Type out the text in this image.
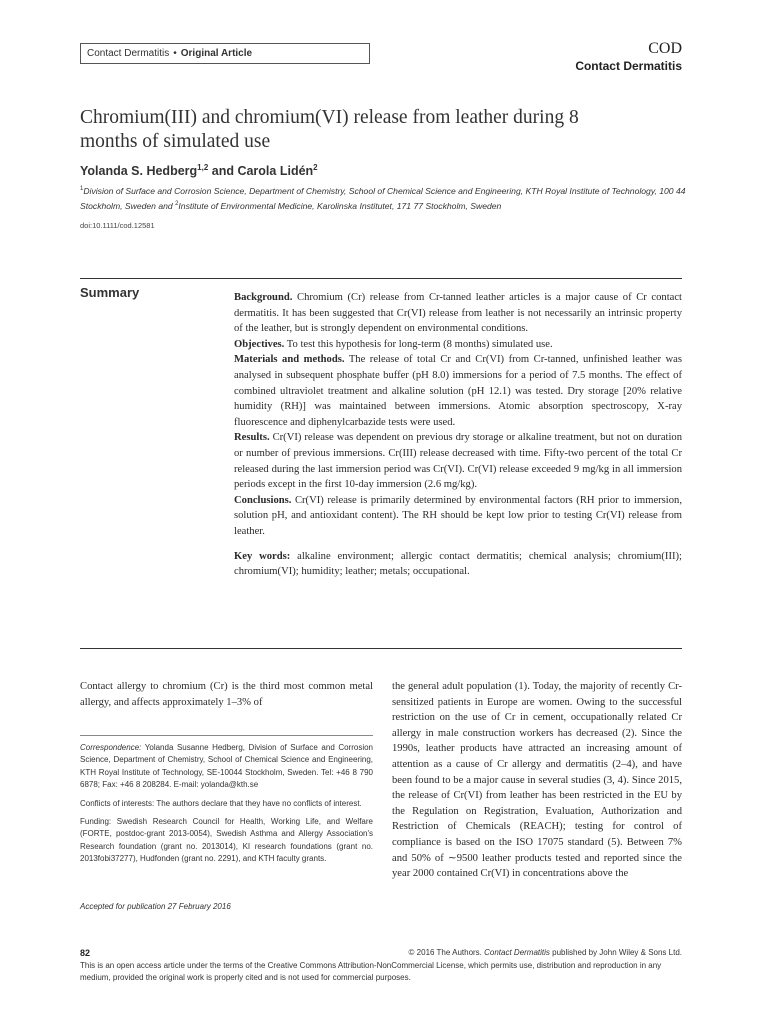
Contact Dermatitis • Original Article	COD
Contact Dermatitis
Chromium(III) and chromium(VI) release from leather during 8 months of simulated use
Yolanda S. Hedberg$^{1,2}$ and Carola Lidén$^2$
$^1$Division of Surface and Corrosion Science, Department of Chemistry, School of Chemical Science and Engineering, KTH Royal Institute of Technology, 100 44 Stockholm, Sweden and $^2$Institute of Environmental Medicine, Karolinska Institutet, 171 77 Stockholm, Sweden
doi:10.1111/cod.12581
Summary	Background. Chromium (Cr) release from Cr-tanned leather articles is a major cause of Cr contact dermatitis. It has been suggested that Cr(VI) release from leather is not necessarily an intrinsic property of the leather, but is strongly dependent on environmental conditions.

Objectives. To test this hypothesis for long-term (8 months) simulated use.

Materials and methods. The release of total Cr and Cr(VI) from Cr-tanned, unfinished leather was analysed in subsequent phosphate buffer (pH 8.0) immersions for a period of 7.5 months. The effect of combined ultraviolet treatment and alkaline solution (pH 12.1) was tested. Dry storage [20% relative humidity (RH)] was maintained between immersions. Atomic absorption spectroscopy, X-ray fluorescence and diphenylcarbazide tests were used.

Results. Cr(VI) release was dependent on previous dry storage or alkaline treatment, but not on duration or number of previous immersions. Cr(III) release decreased with time. Fifty-two percent of the total Cr released during the last immersion period was Cr(VI). Cr(VI) release exceeded 9 mg/kg in all immersion periods except in the first 10-day immersion (2.6 mg/kg).

Conclusions. Cr(VI) release is primarily determined by environmental factors (RH prior to immersion, solution pH, and antioxidant content). The RH should be kept low prior to testing Cr(VI) release from leather.

Key words: alkaline environment; allergic contact dermatitis; chemical analysis; chromium(III); chromium(VI); humidity; leather; metals; occupational.

Contact allergy to chromium (Cr) is the third most common metal allergy, and affects approximately 1–3% of

Correspondence: Yolanda Susanne Hedberg, Division of Surface and Corrosion Science, Department of Chemistry, School of Chemical Science and Engineering, KTH Royal Institute of Technology, SE-10044 Stockholm, Sweden. Tel: +46 8 790 6878; Fax: +46 8 208284. E-mail: yolanda@kth.se

Conflicts of interests: The authors declare that they have no conflicts of interest.

Funding: Swedish Research Council for Health, Working Life, and Welfare (FORTE, postdoc-grant 2013-0054), Swedish Asthma and Allergy Association's Research foundation (grant no. 2013014), KI research foundations (grant no. 2013fobi37277), Hudfonden (grant no. 2291), and KTH faculty grants.

Accepted for publication 27 February 2016

the general adult population (1). Today, the majority of recently Cr-sensitized patients in Europe are women. Owing to the successful restriction on the use of Cr in cement, occupationally related Cr allergy in male construction workers has decreased (2). Since the 1990s, leather products have attracted an increasing amount of attention as a cause of Cr allergy and dermatitis (2–4), and have been found to be a major cause in several studies (3, 4). Since 2015, the release of Cr(VI) from leather has been restricted in the EU by the Regulation on Registration, Evaluation, Authorization and Restriction of Chemicals (REACH); testing for control of compliance is based on the ISO 17075 standard (5). Between 7% and 50% of ∼9500 leather products tested and reported since the year 2000 contained Cr(VI) in concentrations above the

82	© 2016 The Authors. Contact Dermatitis published by John Wiley & Sons Ltd.
This is an open access article under the terms of the Creative Commons Attribution-NonCommercial License, which permits use, distribution and reproduction in any medium, provided the original work is properly cited and is not used for commercial purposes.
